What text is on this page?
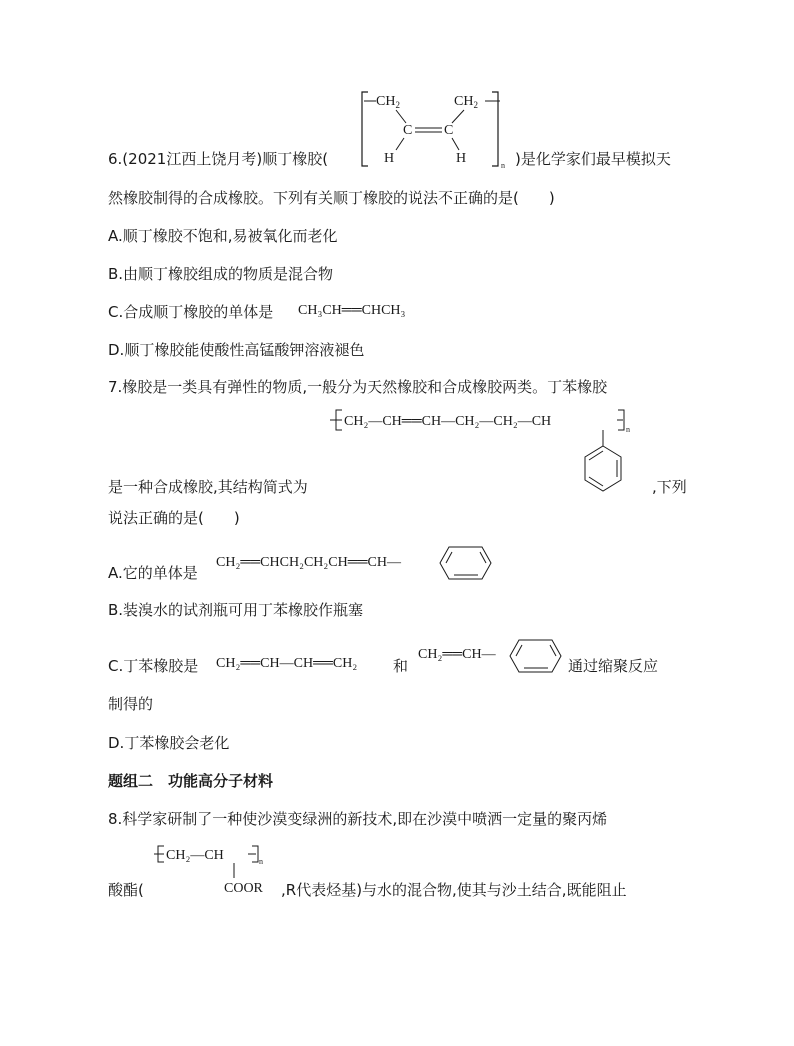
6.(2021江西上饶月考)顺丁橡胶(
$CH_2$	$CH_2$
C C
H	H	n )是化学家们最早模拟天
然橡胶制得的合成橡胶。下列有关顺丁橡胶的说法不正确的是(　　)
A.顺丁橡胶不饱和,易被氧化而老化
B.由顺丁橡胶组成的物质是混合物
C.合成顺丁橡胶的单体是 CH₃CH══CHCH₃
D.顺丁橡胶能使酸性高锰酸钾溶液褪色
7.橡胶是一类具有弹性的物质,一般分为天然橡胶和合成橡胶两类。丁苯橡胶
CH₂—CH══CH—CH₂—CH₂—CH
n
是一种合成橡胶,其结构简式为	,下列
说法正确的是(　　)
A.它的单体是
CH₂══CHCH₂CH₂CH══CH—
B.装溴水的试剂瓶可用丁苯橡胶作瓶塞
C.丁苯橡胶是 CH₂══CH—CH══CH₂ 和
CH₂══CH—
通过缩聚反应
制得的
D.丁苯橡胶会老化
题组二　功能高分子材料
8.科学家研制了一种使沙漠变绿洲的新技术,即在沙漠中喷洒一定量的聚丙烯
CH₂—CH	n
COOR
酸酯(	,R代表烃基)与水的混合物,使其与沙土结合,既能阻止
